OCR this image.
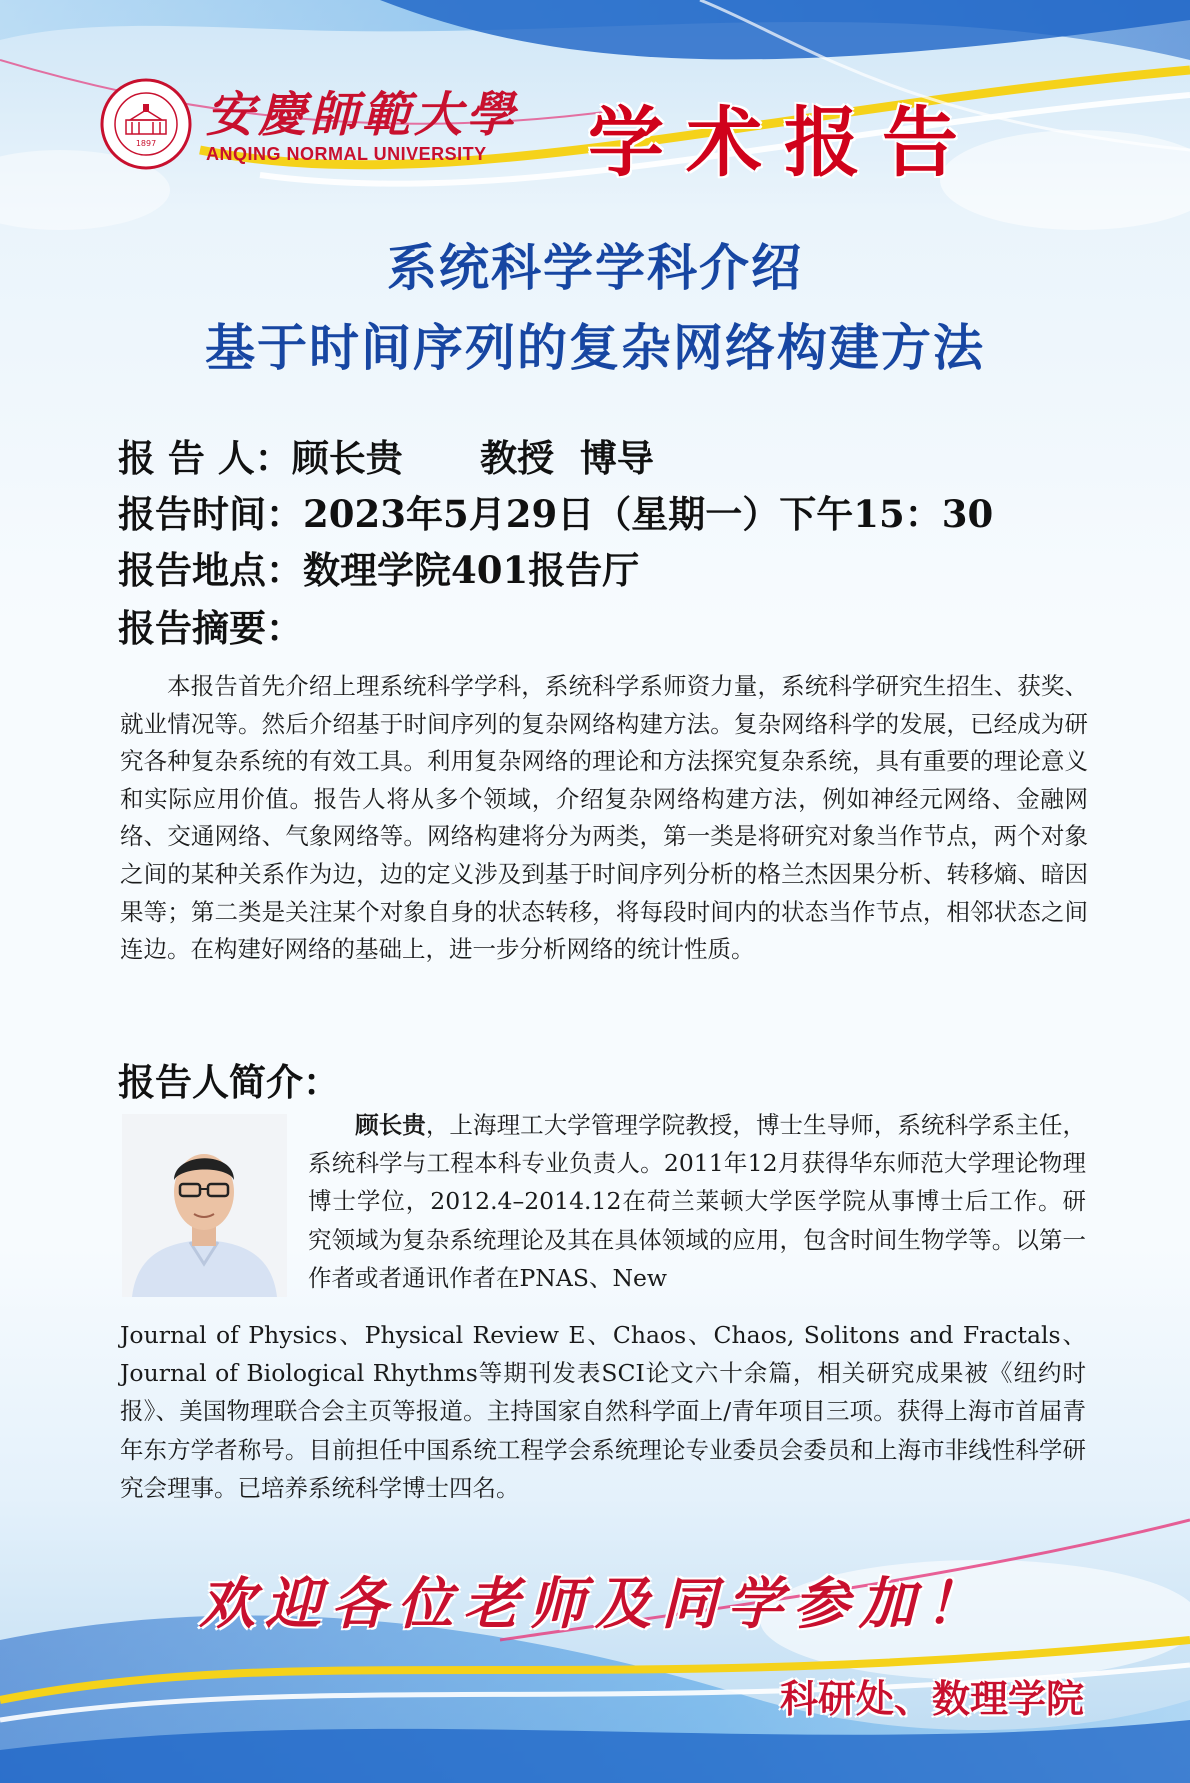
1897
安慶師範大學
ANQING NORMAL UNIVERSITY 学术报告
系统科学学科介绍
基于时间序列的复杂网络构建方法
报 告 人：顾长贵      教授  博导
报告时间：2023年5月29日（星期一）下午15：30
报告地点：数理学院401报告厅
报告摘要：
本报告首先介绍上理系统科学学科，系统科学系师资力量，系统科学研究生招生、获奖、就业情况等。然后介绍基于时间序列的复杂网络构建方法。复杂网络科学的发展，已经成为研究各种复杂系统的有效工具。利用复杂网络的理论和方法探究复杂系统，具有重要的理论意义和实际应用价值。报告人将从多个领域，介绍复杂网络构建方法，例如神经元网络、金融网络、交通网络、气象网络等。网络构建将分为两类，第一类是将研究对象当作节点，两个对象之间的某种关系作为边，边的定义涉及到基于时间序列分析的格兰杰因果分析、转移熵、暗因果等；第二类是关注某个对象自身的状态转移，将每段时间内的状态当作节点，相邻状态之间连边。在构建好网络的基础上，进一步分析网络的统计性质。
报告人简介：
顾长贵，上海理工大学管理学院教授，博士生导师，系统科学系主任，系统科学与工程本科专业负责人。2011年12月获得华东师范大学理论物理博士学位，2012.4–2014.12在荷兰莱顿大学医学院从事博士后工作。研究领域为复杂系统理论及其在具体领域的应用，包含时间生物学等。以第一作者或者通讯作者在PNAS、New
Journal of Physics、Physical Review E、Chaos、Chaos, Solitons and Fractals、Journal of Biological Rhythms等期刊发表SCI论文六十余篇，相关研究成果被《纽约时报》、美国物理联合会主页等报道。主持国家自然科学面上/青年项目三项。获得上海市首届青年东方学者称号。目前担任中国系统工程学会系统理论专业委员会委员和上海市非线性科学研究会理事。已培养系统科学博士四名。
欢迎各位老师及同学参加！
科研处、数理学院
